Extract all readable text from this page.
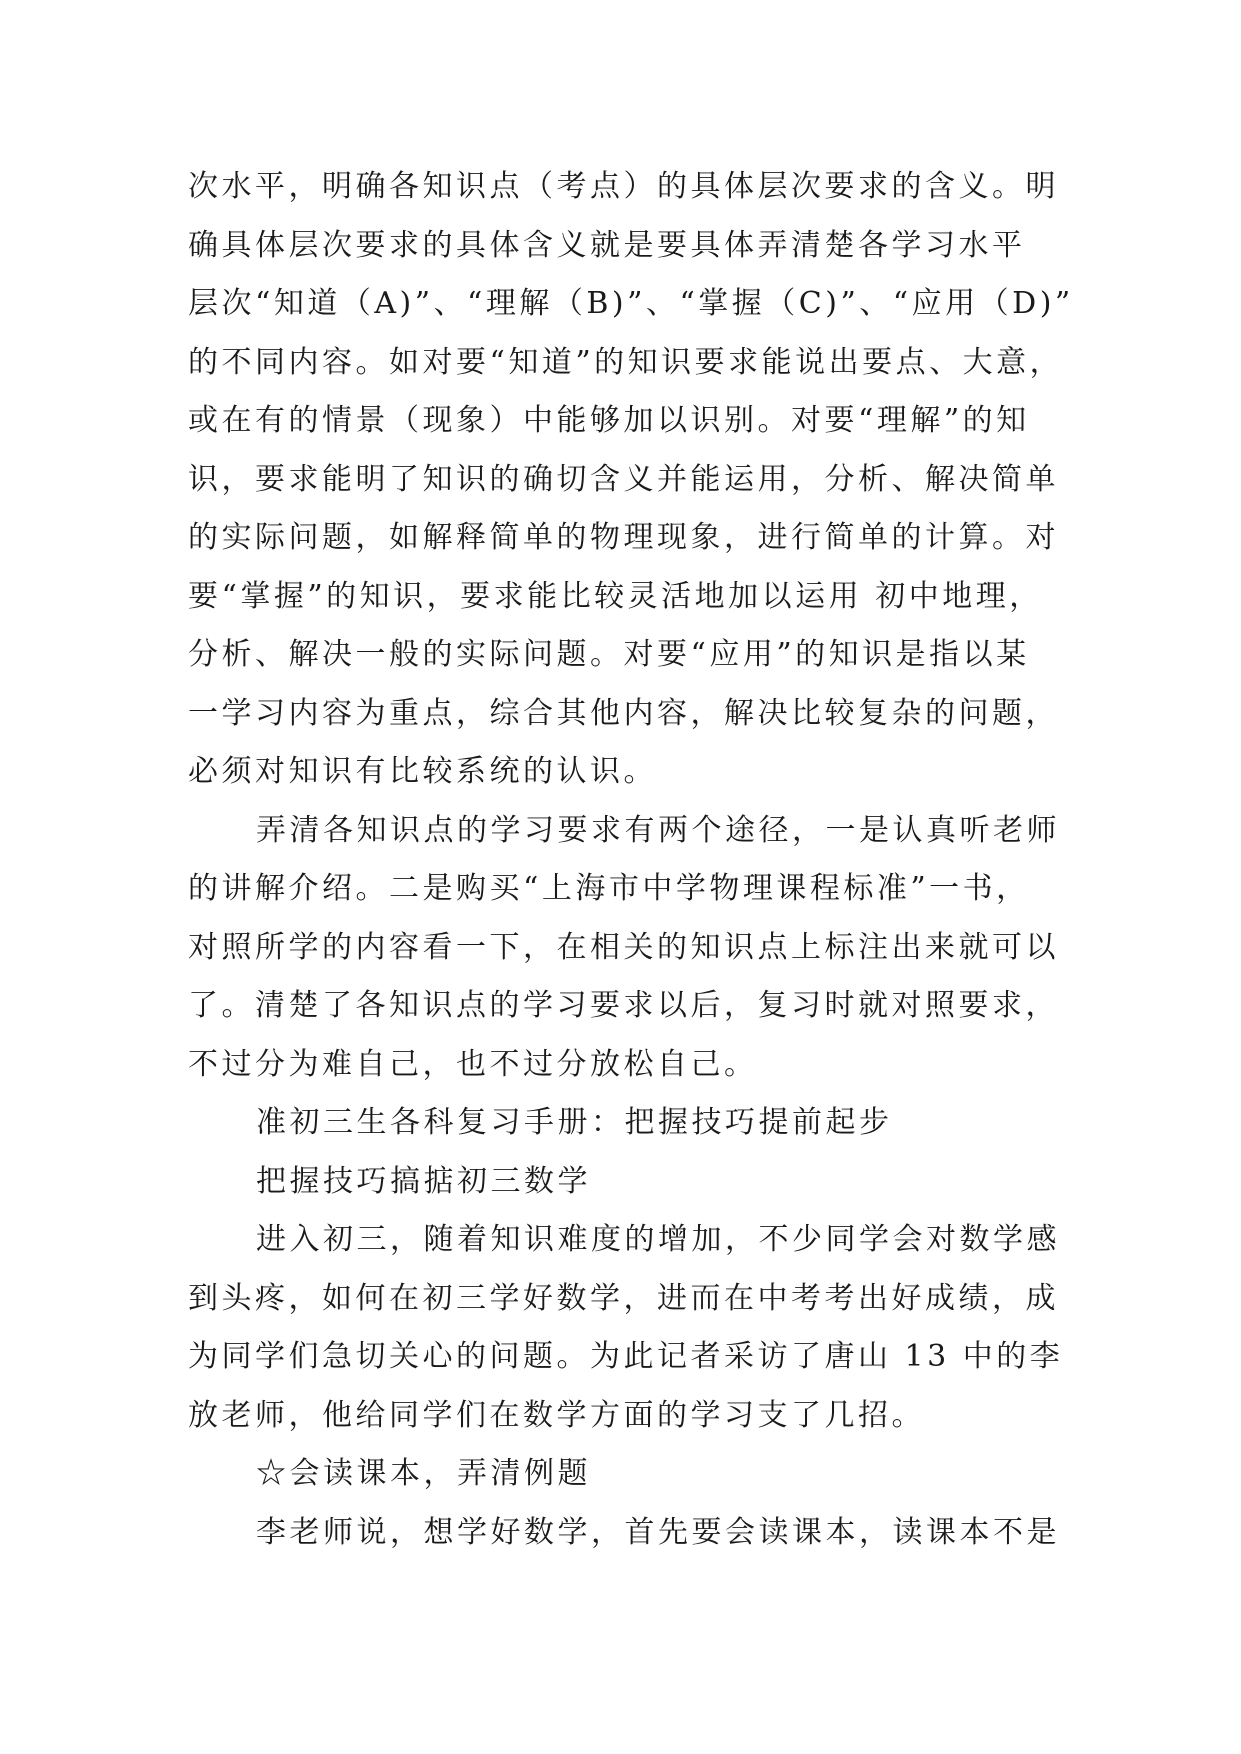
次水平，明确各知识点（考点）的具体层次要求的含义。明
确具体层次要求的具体含义就是要具体弄清楚各学习水平
层次“知道（A)”、“理解（B)”、“掌握（C)”、“应用（D)”
的不同内容。如对要“知道”的知识要求能说出要点、大意，
或在有的情景（现象）中能够加以识别。对要“理解”的知
识，要求能明了知识的确切含义并能运用，分析、解决简单
的实际问题，如解释简单的物理现象，进行简单的计算。对
要“掌握”的知识，要求能比较灵活地加以运用 初中地理，
分析、解决一般的实际问题。对要“应用”的知识是指以某
一学习内容为重点，综合其他内容，解决比较复杂的问题，
必须对知识有比较系统的认识。
弄清各知识点的学习要求有两个途径，一是认真听老师
的讲解介绍。二是购买“上海市中学物理课程标准”一书，
对照所学的内容看一下，在相关的知识点上标注出来就可以
了。清楚了各知识点的学习要求以后，复习时就对照要求，
不过分为难自己，也不过分放松自己。
准初三生各科复习手册：把握技巧提前起步
把握技巧搞掂初三数学
进入初三，随着知识难度的增加，不少同学会对数学感
到头疼，如何在初三学好数学，进而在中考考出好成绩，成
为同学们急切关心的问题。为此记者采访了唐山 13 中的李
放老师，他给同学们在数学方面的学习支了几招。
☆会读课本，弄清例题
李老师说，想学好数学，首先要会读课本，读课本不是
